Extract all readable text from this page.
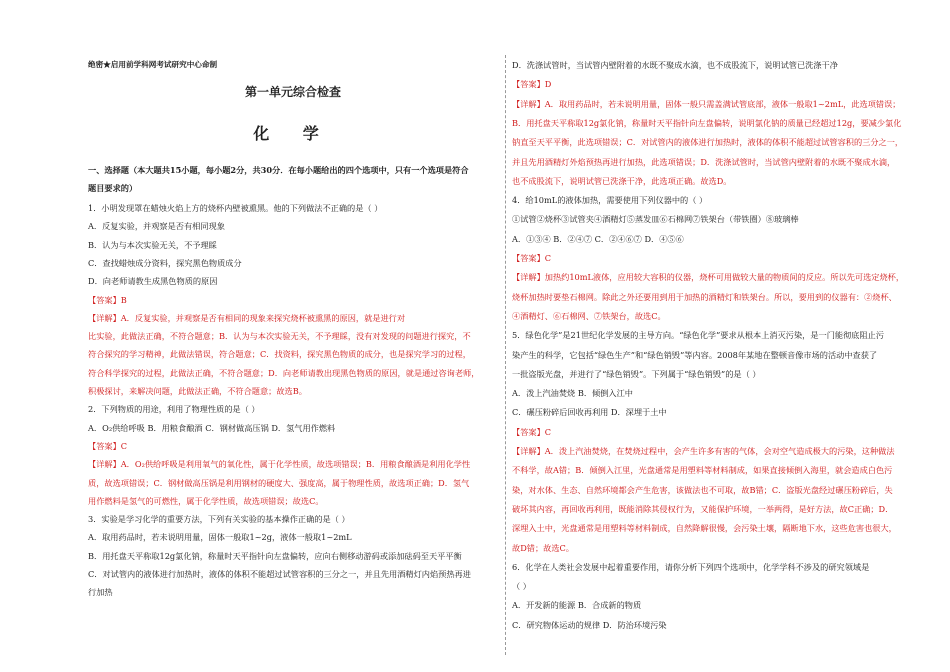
绝密★启用前学科网考试研究中心命制
第一单元综合检查
化 学
一、选择题（本大题共15小题，每小题2分，共30分．在每小题给出的四个选项中，只有一个选项是符合
题目要求的）
1．小明发现罩在蜡烛火焰上方的烧杯内壁被熏黑。他的下列做法不正确的是（ ）
A．反复实验，并观察是否有相同现象
B．认为与本次实验无关，不予理睬
C．查找蜡烛成分资料，探究黑色物质成分
D．向老师请教生成黑色物质的原因
【答案】B
【详解】A．反复实验，并观察是否有相同的现象来探究烧杯被熏黑的原因，就是进行对
比实验，此做法正确，不符合题意；B．认为与本次实验无关，不予理睬，没有对发现的问题进行探究，不
符合探究的学习精神，此做法错误，符合题意；C．找资料，探究黑色物质的成分，也是探究学习的过程，
符合科学探究的过程，此做法正确，不符合题意；D．向老师请教出现黑色物质的原因，就是通过咨询老师，
积极探讨，来解决问题，此做法正确，不符合题意；故选B。
2．下列物质的用途，利用了物理性质的是（ ）
A．O₂供给呼吸 B．用粮食酿酒 C．钢材做高压锅 D．氢气用作燃料
【答案】C
【详解】A．O₂供给呼吸是利用氧气的氧化性，属于化学性质，故选项错误；B．用粮食酿酒是利用化学性
质，故选项错误；C．钢材做高压锅是利用钢材的硬度大、强度高，属于物理性质，故选项正确；D．氢气
用作燃料是氢气的可燃性，属于化学性质，故选项错误；故选C。
3．实验是学习化学的重要方法，下列有关实验的基本操作正确的是（ ）
A．取用药品时，若未说明用量，固体一般取1~2g，液体一般取1~2mL
B．用托盘天平称取12g氯化钠，称量时天平指针向左盘偏转，应向右侧移动游码或添加砝码至天平平衡
C．对试管内的液体进行加热时，液体的体积不能超过试管容积的三分之一，并且先用酒精灯内焰预热再进
行加热
D．洗涤试管时，当试管内壁附着的水既不聚成水滴，也不成股流下，说明试管已洗涤干净
【答案】D
【详解】A．取用药品时，若未说明用量，固体一般只需盖满试管底部，液体一般取1~2mL，此选项错误；
B．用托盘天平称取12g氯化钠，称量时天平指针向左盘偏转，说明氯化钠的质量已经超过12g，要减少氯化
钠直至天平平衡，此选项错误；C．对试管内的液体进行加热时，液体的体积不能超过试管容积的三分之一，
并且先用酒精灯外焰预热再进行加热，此选项错误；D．洗涤试管时，当试管内壁附着的水既不聚成水滴，
也不成股流下，说明试管已洗涤干净，此选项正确。故选D。
4．给10mL的液体加热，需要使用下列仪器中的（ ）
①试管②烧杯③试管夹④酒精灯⑤蒸发皿⑥石棉网⑦铁架台（带铁圈）⑧玻璃棒
A．①③④ B．②④⑦ C．②④⑥⑦ D．④⑤⑥
【答案】C
【详解】加热约10mL液体，应用较大容积的仪器，烧杯可用做较大量的物质间的反应。所以先可选定烧杯，
烧杯加热时要垫石棉网。除此之外还要用到用于加热的酒精灯和铁架台。所以，要用到的仪器有：②烧杯、
④酒精灯、⑥石棉网、⑦铁架台，故选C。
5．绿色化学”是21世纪化学发展的主导方向。“绿色化学”要求从根本上消灭污染，是一门能彻底阻止污
染产生的科学，它包括“绿色生产”和“绿色销毁”等内容。2008年某地在整顿音像市场的活动中查获了
一批盗版光盘，并进行了“绿色销毁”。下列属于“绿色销毁”的是（ ）
A．泼上汽油焚烧 B．倾倒入江中
C．碾压粉碎后回收再利用 D．深埋于土中
【答案】C
【详解】A．泼上汽油焚烧，在焚烧过程中，会产生许多有害的气体，会对空气造成极大的污染，这种做法
不科学，故A错；B．倾倒入江里，光盘通常是用塑料等材料制成，如果直接倾倒入海里，就会造成白色污
染，对水体、生态、自然环境都会产生危害，该做法也不可取，故B错；C．盗版光盘经过碾压粉碎后，失
破坏其内容，再回收再利用，既能消除其侵权行为，又能保护环境，一举两得，是好方法，故C正确；D．
深埋入土中，光盘通常是用塑料等材料制成，自然降解很慢，会污染土壤，隔断地下水，这些危害也很大，
故D错；故选C。
6．化学在人类社会发展中起着重要作用，请你分析下列四个选项中，化学学科不涉及的研究领域是
（ ）
A．开发新的能源 B．合成新的物质
C．研究物体运动的规律 D．防治环境污染
